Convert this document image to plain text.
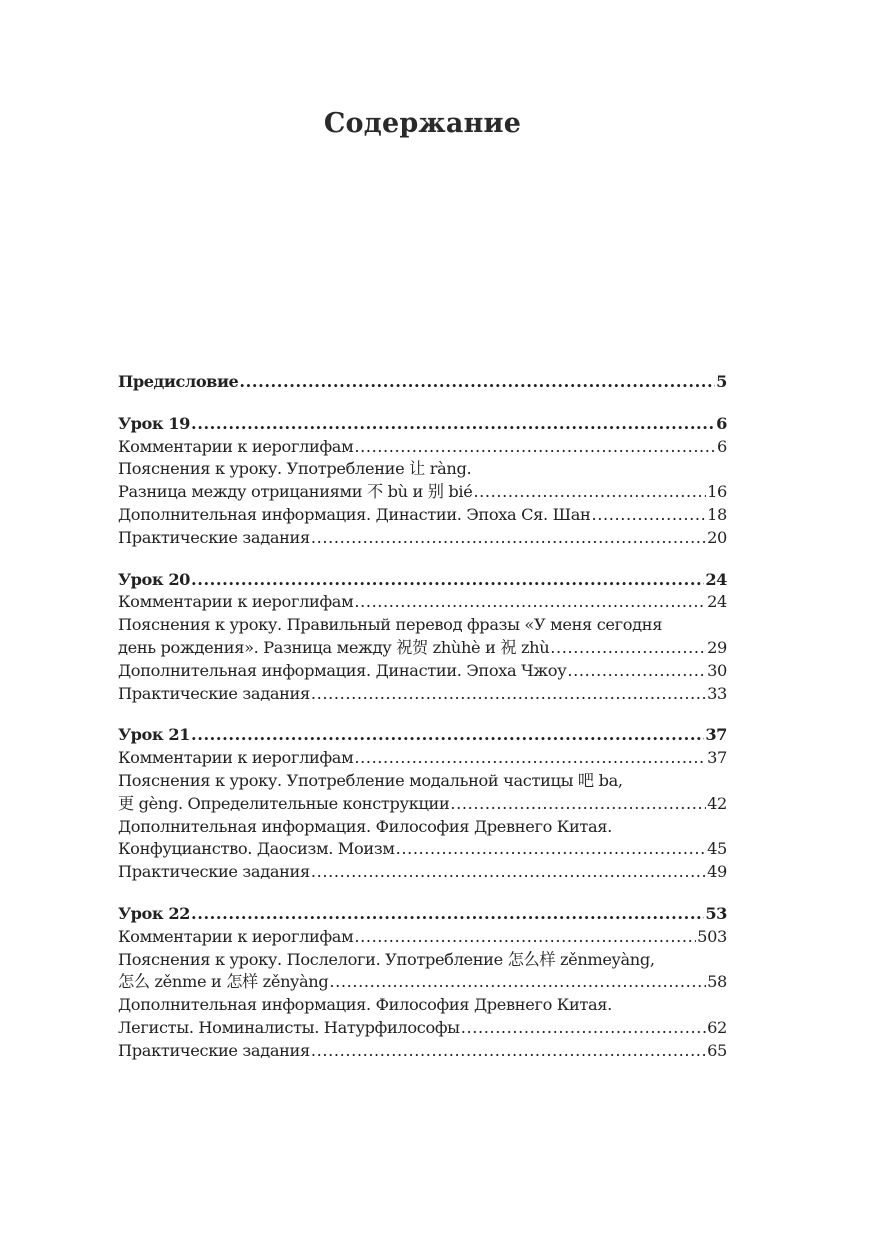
Содержание
Предисловие .....	5
Урок 19 .....	6
Комментарии к иероглифам .....	6
Пояснения к уроку. Употребление 让 ràng.
Разница между отрицаниями 不 bù и 别 bié .....	16
Дополнительная информация. Династии. Эпоха Ся. Шан .....	18
Практические задания .....	20
Урок 20 .....	24
Комментарии к иероглифам .....	24
Пояснения к уроку. Правильный перевод фразы «У меня сегодня
день рождения». Разница между 祝贺 zhùhè и 祝 zhù .....	29
Дополнительная информация. Династии. Эпоха Чжоу .....	30
Практические задания .....	33
Урок 21 .....	37
Комментарии к иероглифам .....	37
Пояснения к уроку. Употребление модальной частицы 吧 ba,
更 gèng. Определительные конструкции .....	42
Дополнительная информация. Философия Древнего Китая.
Конфуцианство. Даосизм. Моизм .....	45
Практические задания .....	49
Урок 22 .....	53
Комментарии к иероглифам .....	503
Пояснения к уроку. Послелоги. Употребление 怎么样 zěnmeyàng,
怎么 zěnme и 怎样 zěnyàng .....	58
Дополнительная информация. Философия Древнего Китая.
Легисты. Номиналисты. Натурфилософы .....	62
Практические задания .....	65
